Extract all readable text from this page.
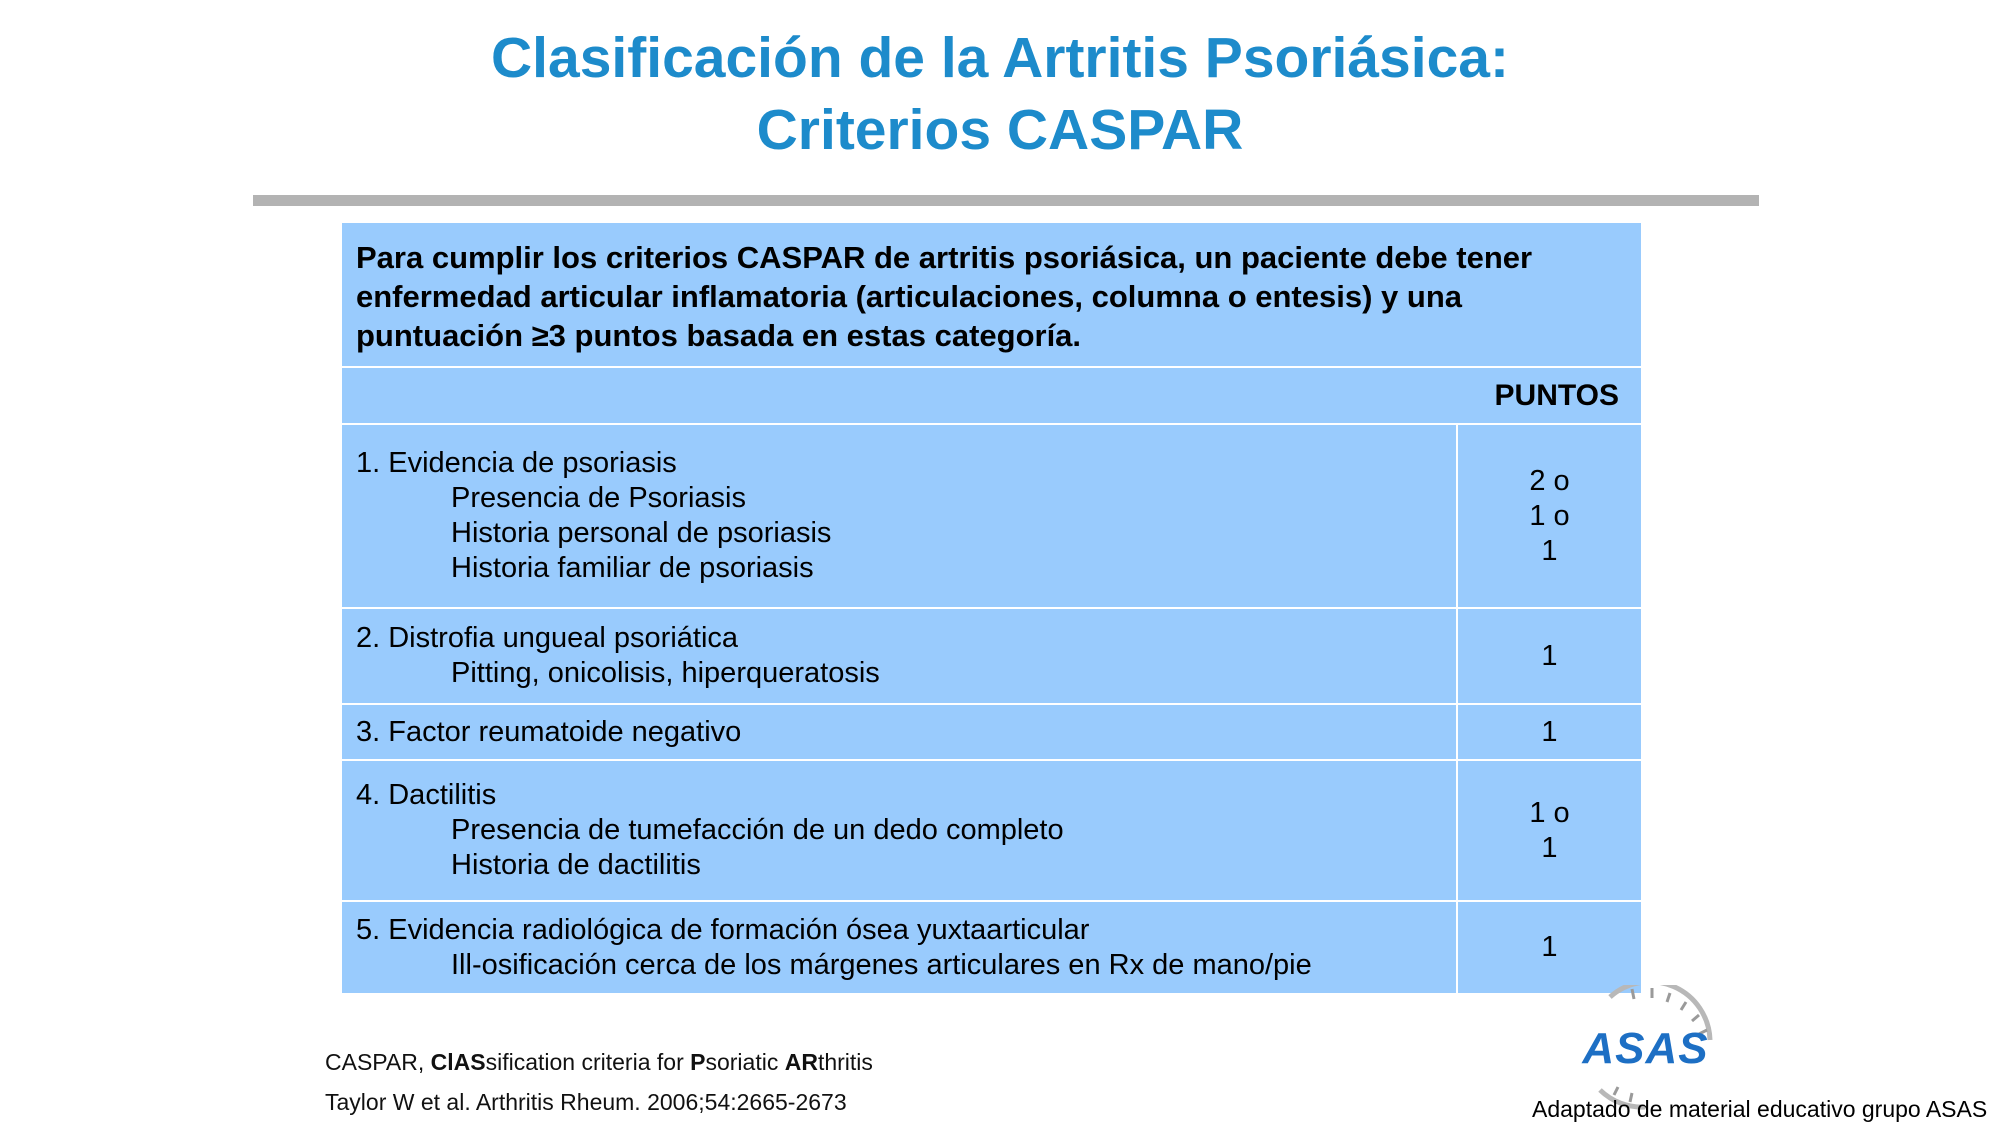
Clasificación de la Artritis Psoriásica:
Criterios CASPAR
Para cumplir los criterios CASPAR de artritis psoriásica, un paciente debe tener enfermedad articular inflamatoria (articulaciones, columna o entesis) y una puntuación ≥3 puntos basada en estas categoría.	
PUNTOS	

1. Evidencia de psoriasis
Presencia de Psoriasis
Historia personal de psoriasis
Historia familiar de psoriasis	2 o
1 o
1

2. Distrofia ungueal psoriática
Pitting, onicolisis, hiperqueratosis	1

3. Factor reumatoide negativo	1

4. Dactilitis
Presencia de tumefacción de un dedo completo
Historia de dactilitis	1 o
1

5. Evidencia radiológica de formación ósea yuxtaarticular
Ill-osificación cerca de los márgenes articulares en Rx de mano/pie	1
CASPAR, ClASsification criteria for Psoriatic ARthritis
Taylor W et al. Arthritis Rheum. 2006;54:2665-2673
ASAS
Adaptado de material educativo grupo ASAS
